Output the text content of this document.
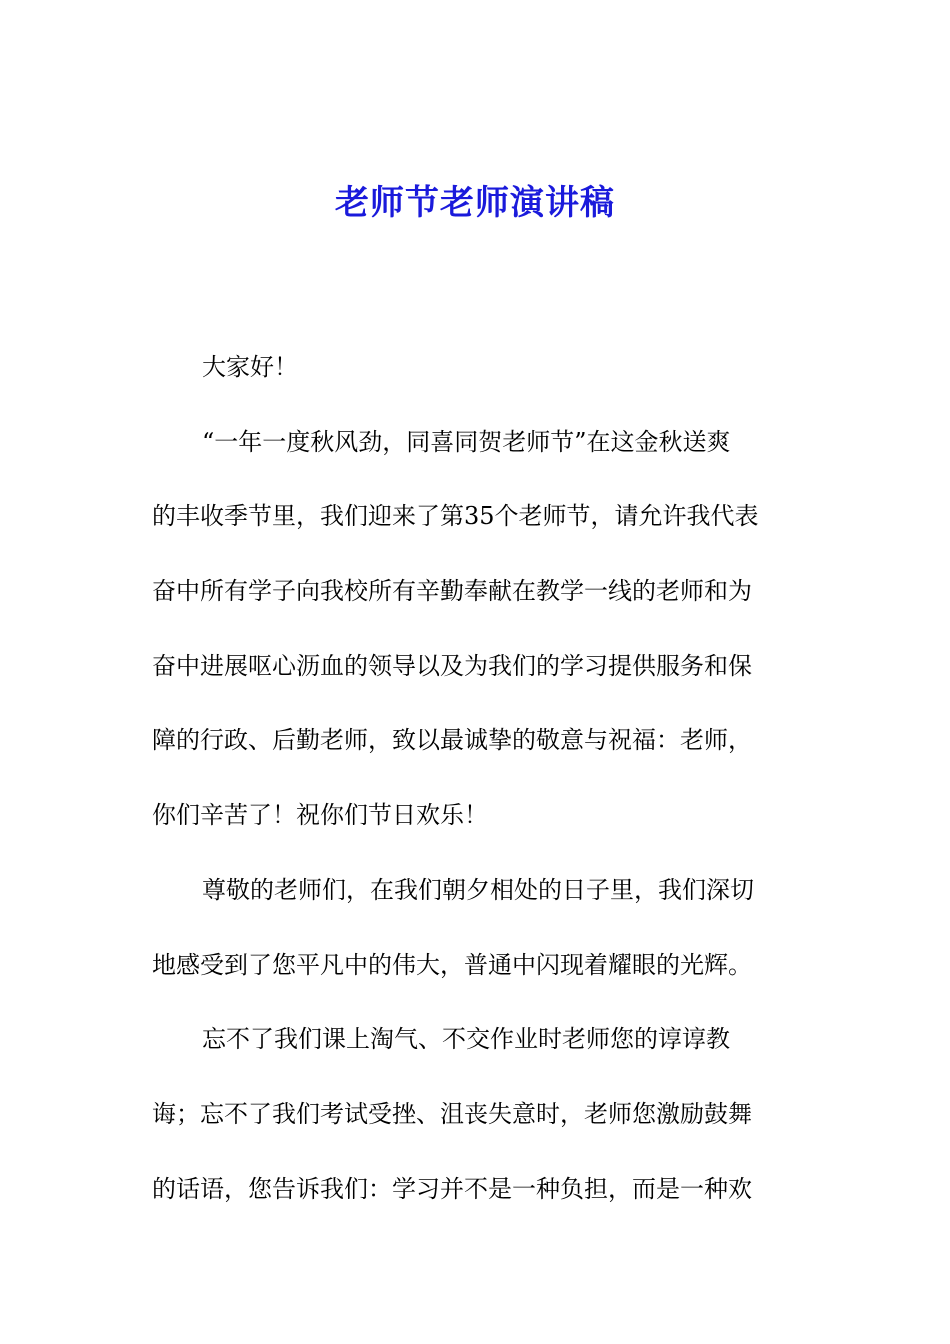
老师节老师演讲稿

大家好！

“一年一度秋风劲，同喜同贺老师节”在这金秋送爽

的丰收季节里，我们迎来了第35个老师节，请允许我代表

奋中所有学子向我校所有辛勤奉献在教学一线的老师和为

奋中进展呕心沥血的领导以及为我们的学习提供服务和保

障的行政、后勤老师，致以最诚挚的敬意与祝福：老师，

你们辛苦了！祝你们节日欢乐！

尊敬的老师们，在我们朝夕相处的日子里，我们深切

地感受到了您平凡中的伟大，普通中闪现着耀眼的光辉。

忘不了我们课上淘气、不交作业时老师您的谆谆教

诲；忘不了我们考试受挫、沮丧失意时，老师您激励鼓舞

的话语，您告诉我们：学习并不是一种负担，而是一种欢
